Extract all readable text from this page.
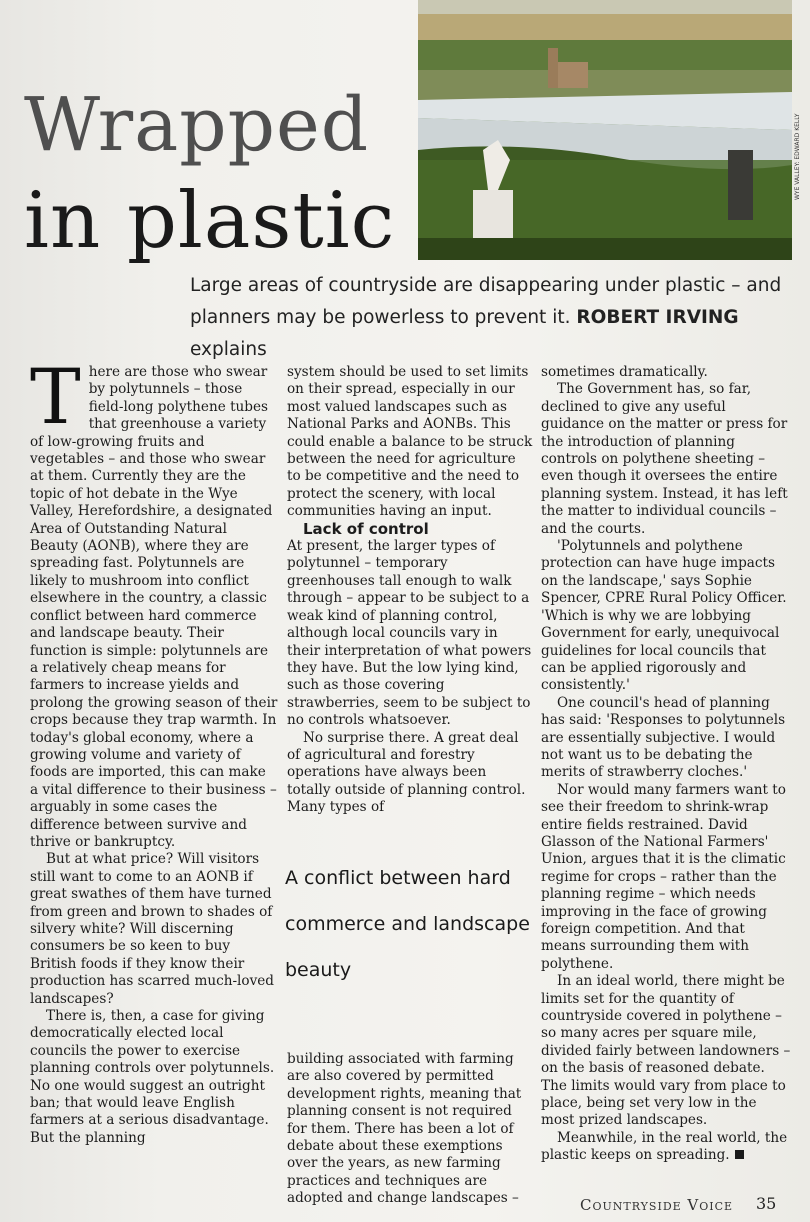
Wrapped
in plastic
WYE VALLEY: EDWARD KELLY
Large areas of countryside are disappearing under plastic – and planners may be powerless to prevent it. ROBERT IRVING explains

There are those who swear by polytunnels – those field-long polythene tubes that greenhouse a variety of low-growing fruits and vegetables – and those who swear at them. Currently they are the topic of hot debate in the Wye Valley, Herefordshire, a designated Area of Outstanding Natural Beauty (AONB), where they are spreading fast. Polytunnels are likely to mushroom into conflict elsewhere in the country, a classic conflict between hard commerce and landscape beauty. Their function is simple: polytunnels are a relatively cheap means for farmers to increase yields and prolong the growing season of their crops because they trap warmth. In today's global economy, where a growing volume and variety of foods are imported, this can make a vital difference to their business – arguably in some cases the difference between survive and thrive or bankruptcy.

But at what price? Will visitors still want to come to an AONB if great swathes of them have turned from green and brown to shades of silvery white? Will discerning consumers be so keen to buy British foods if they know their production has scarred much-loved landscapes?

There is, then, a case for giving democratically elected local councils the power to exercise planning controls over polytunnels. No one would suggest an outright ban; that would leave English farmers at a serious disadvantage. But the planning

system should be used to set limits on their spread, especially in our most valued landscapes such as National Parks and AONBs. This could enable a balance to be struck between the need for agriculture to be competitive and the need to protect the scenery, with local communities having an input.

Lack of control

At present, the larger types of polytunnel – temporary greenhouses tall enough to walk through – appear to be subject to a weak kind of planning control, although local councils vary in their interpretation of what powers they have. But the low lying kind, such as those covering strawberries, seem to be subject to no controls whatsoever.

No surprise there. A great deal of agricultural and forestry operations have always been totally outside of planning control. Many types of

A conflict between hard commerce and landscape beauty

building associated with farming are also covered by permitted development rights, meaning that planning consent is not required for them. There has been a lot of debate about these exemptions over the years, as new farming practices and techniques are adopted and change landscapes –

sometimes dramatically.

The Government has, so far, declined to give any useful guidance on the matter or press for the introduction of planning controls on polythene sheeting – even though it oversees the entire planning system. Instead, it has left the matter to individual councils – and the courts.

'Polytunnels and polythene protection can have huge impacts on the landscape,' says Sophie Spencer, CPRE Rural Policy Officer. 'Which is why we are lobbying Government for early, unequivocal guidelines for local councils that can be applied rigorously and consistently.'

One council's head of planning has said: 'Responses to polytunnels are essentially subjective. I would not want us to be debating the merits of strawberry cloches.'

Nor would many farmers want to see their freedom to shrink-wrap entire fields restrained. David Glasson of the National Farmers' Union, argues that it is the climatic regime for crops – rather than the planning regime – which needs improving in the face of growing foreign competition. And that means surrounding them with polythene.

In an ideal world, there might be limits set for the quantity of countryside covered in polythene – so many acres per square mile, divided fairly between landowners – on the basis of reasoned debate. The limits would vary from place to place, being set very low in the most prized landscapes.

Meanwhile, in the real world, the plastic keeps on spreading.

Countryside Voice	35
